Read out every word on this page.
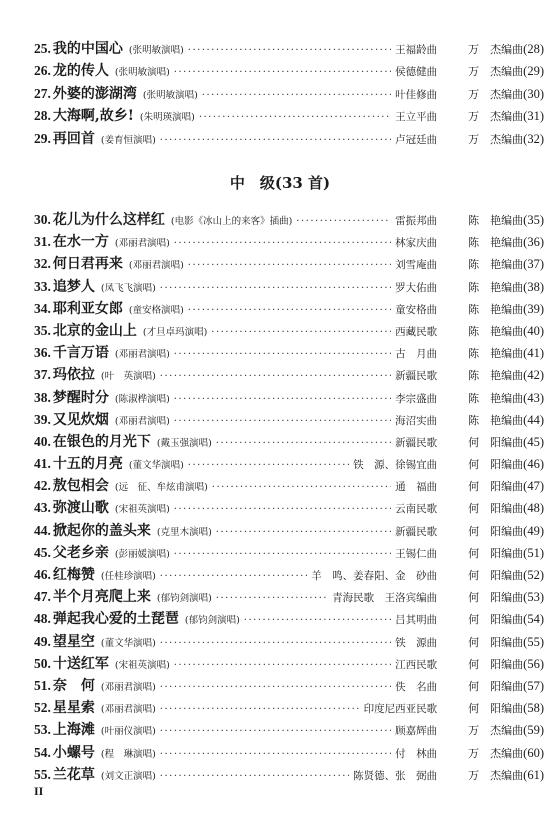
25. 我的中国心 (张明敏演唱) ·····	王福龄曲	万　杰编曲 (28)
26. 龙的传人 (张明敏演唱) ·····	侯德健曲	万　杰编曲 (29)
27. 外婆的澎湖湾 (张明敏演唱) ·····	叶佳修曲	万　杰编曲 (30)
28. 大海啊,故乡! (朱明瑛演唱) ·····	王立平曲	万　杰编曲 (31)
29. 再回首 (姜育恒演唱) ·····	卢冠廷曲	万　杰编曲 (32)
中　级(33 首)
30. 花儿为什么这样红 (电影《冰山上的来客》插曲) ·····	雷振邦曲	陈　艳编曲 (35)
31. 在水一方 (邓丽君演唱) ·····	林家庆曲	陈　艳编曲 (36)
32. 何日君再来 (邓丽君演唱) ·····	刘雪庵曲	陈　艳编曲 (37)
33. 追梦人 (凤飞飞演唱) ·····	罗大佑曲	陈　艳编曲 (38)
34. 耶利亚女郎 (童安格演唱) ·····	童安格曲	陈　艳编曲 (39)
35. 北京的金山上 (才旦卓玛演唱) ·····	西藏民歌	陈　艳编曲 (40)
36. 千言万语 (邓丽君演唱) ·····	古　月曲	陈　艳编曲 (41)
37. 玛依拉 (叶　英演唱) ·····	新疆民歌	陈　艳编曲 (42)
38. 梦醒时分 (陈淑桦演唱) ·····	李宗盛曲	陈　艳编曲 (43)
39. 又见炊烟 (邓丽君演唱) ·····	海沼实曲	陈　艳编曲 (44)
40. 在银色的月光下 (戴玉强演唱) ·····	新疆民歌	何　阳编曲 (45)
41. 十五的月亮 (董文华演唱) ·····	铁　源、徐锡宜曲	何　阳编曲 (46)
42. 敖包相会 (远　征、牟炫甫演唱) ·····	通　福曲	何　阳编曲 (47)
43. 弥渡山歌 (宋祖英演唱) ·····	云南民歌	何　阳编曲 (48)
44. 掀起你的盖头来 (克里木演唱) ·····	新疆民歌	何　阳编曲 (49)
45. 父老乡亲 (彭丽媛演唱) ·····	王锡仁曲	何　阳编曲 (51)
46. 红梅赞 (任桂珍演唱) ·····	羊　鸣、姜春阳、金　砂曲	何　阳编曲 (52)
47. 半个月亮爬上来 (郁钧剑演唱) ·····	青海民歌　王洛宾编曲	何　阳编曲 (53)
48. 弹起我心爱的土琵琶 (郁钧剑演唱) ·····	吕其明曲	何　阳编曲 (54)
49. 望星空 (董文华演唱) ·····	铁　源曲	何　阳编曲 (55)
50. 十送红军 (宋祖英演唱) ·····	江西民歌	何　阳编曲 (56)
51. 奈　何 (邓丽君演唱) ·····	佚　名曲	何　阳编曲 (57)
52. 星星索 (邓丽君演唱) ·····	印度尼西亚民歌	何　阳编曲 (58)
53. 上海滩 (叶丽仪演唱) ·····	顾嘉辉曲	万　杰编曲 (59)
54. 小螺号 (程　琳演唱) ·····	付　林曲	万　杰编曲 (60)
55. 兰花草 (刘文正演唱) ·····	陈贤德、张　弼曲	万　杰编曲 (61)
II
